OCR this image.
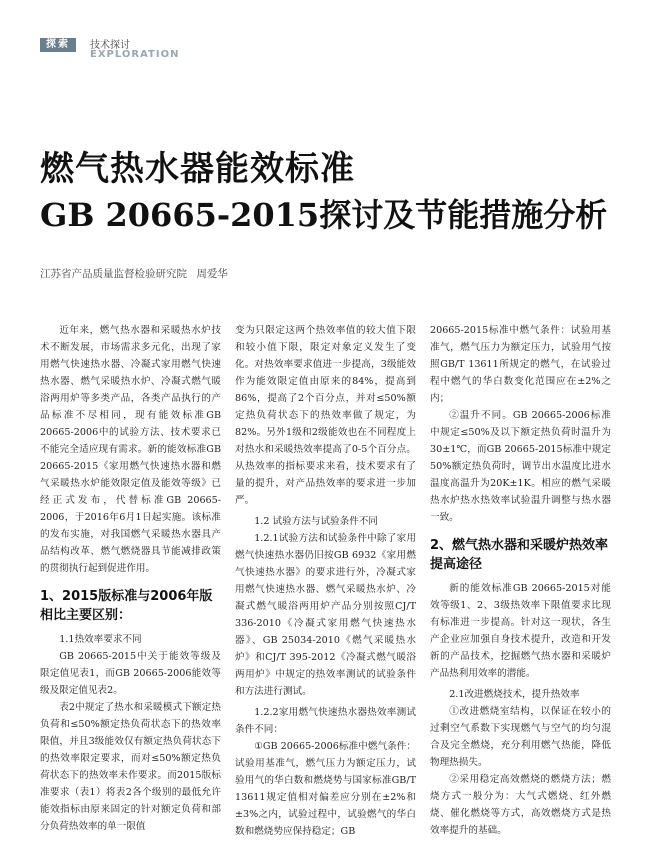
探索	技术探讨
EXPLORATION
燃气热水器能效标准
GB 20665-2015探讨及节能措施分析
江苏省产品质量监督检验研究院 周爱华

近年来，燃气热水器和采暖热水炉技术不断发展，市场需求多元化，出现了家用燃气快速热水器、冷凝式家用燃气快速热水器、燃气采暖热水炉、冷凝式燃气暖浴两用炉等多类产品，各类产品执行的产品标准不尽相同，现有能效标准GB 20665-2006中的试验方法、技术要求已不能完全适应现有需求。新的能效标准GB 20665-2015《家用燃气快速热水器和燃气采暖热水炉能效限定值及能效等级》已经正式发布，代替标准GB 20665-2006，于2016年6月1日起实施。该标准的发布实施，对我国燃气采暖热水器具产品结构改革、燃气燃烧器具节能减排政策的贯彻执行起到促进作用。

1、2015版标准与2006年版相比主要区别：

1.1热效率要求不同

GB 20665-2015中关于能效等级及限定值见表1，而GB 20665-2006能效等级及限定值见表2。

表2中规定了热水和采暖模式下额定热负荷和≤50%额定热负荷状态下的热效率限值，并且3级能效仅有额定热负荷状态下的热效率限定要求，而对≤50%额定热负荷状态下的热效率未作要求。而2015版标准要求（表1）将表2各个级别的最低允许能效指标由原来固定的针对额定负荷和部分负荷热效率的单一限值

变为只限定这两个热效率值的较大值下限和较小值下限，限定对象定义发生了变化。对热效率要求值进一步提高，3级能效作为能效限定值由原来的84%，提高到86%，提高了2个百分点，并对≤50%额定热负荷状态下的热效率做了规定，为82%。另外1级和2级能效也在不同程度上对热水和采暖热效率提高了0-5个百分点。从热效率的指标要求来看，技术要求有了量的提升，对产品热效率的要求进一步加严。

1.2 试验方法与试验条件不同

1.2.1试验方法和试验条件中除了家用燃气快速热水器仍旧按GB 6932《家用燃气快速热水器》的要求进行外，冷凝式家用燃气快速热水器、燃气采暖热水炉、冷凝式燃气暖浴两用炉产品分别按照CJ/T 336-2010《冷凝式家用燃气快速热水器》、GB 25034-2010《燃气采暖热水炉》和CJ/T 395-2012《冷凝式燃气暖浴两用炉》中规定的热效率测试的试验条件和方法进行测试。

1.2.2家用燃气快速热水器热效率测试条件不同：

①GB 20665-2006标准中燃气条件：试验用基准气，燃气压力为额定压力，试验用气的华白数和燃烧势与国家标准GB/T 13611规定值相对偏差应分别在±2%和±3%之内，试验过程中，试验燃气的华白数和燃烧势应保持稳定；GB

20665-2015标准中燃气条件：试验用基准气，燃气压力为额定压力，试验用气按照GB/T 13611所规定的燃气，在试验过程中燃气的华白数变化范围应在±2%之内；

②温升不同。GB 20665-2006标准中规定≤50%及以下额定热负荷时温升为30±1℃，而GB 20665-2015标准中规定50%额定热负荷时，调节出水温度比进水温度高温升为20K±1K。相应的燃气采暖热水炉热水热效率试验温升调整与热水器一致。

2、燃气热水器和采暖炉热效率提高途径

新的能效标准GB 20665-2015对能效等级1、2、3级热效率下限值要求比现有标准进一步提高。针对这一现状，各生产企业应加强自身技术提升，改造和开发新的产品技术，挖掘燃气热水器和采暖炉产品热利用效率的潜能。

2.1改进燃烧技术，提升热效率

①改进燃烧室结构，以保证在较小的过剩空气系数下实现燃气与空气的均匀混合及完全燃烧，充分利用燃气热能，降低物理热损失。

②采用稳定高效燃烧的燃烧方法；燃烧方式一般分为：大气式燃烧、红外燃烧、催化燃烧等方式，高效燃烧方式是热效率提升的基础。
